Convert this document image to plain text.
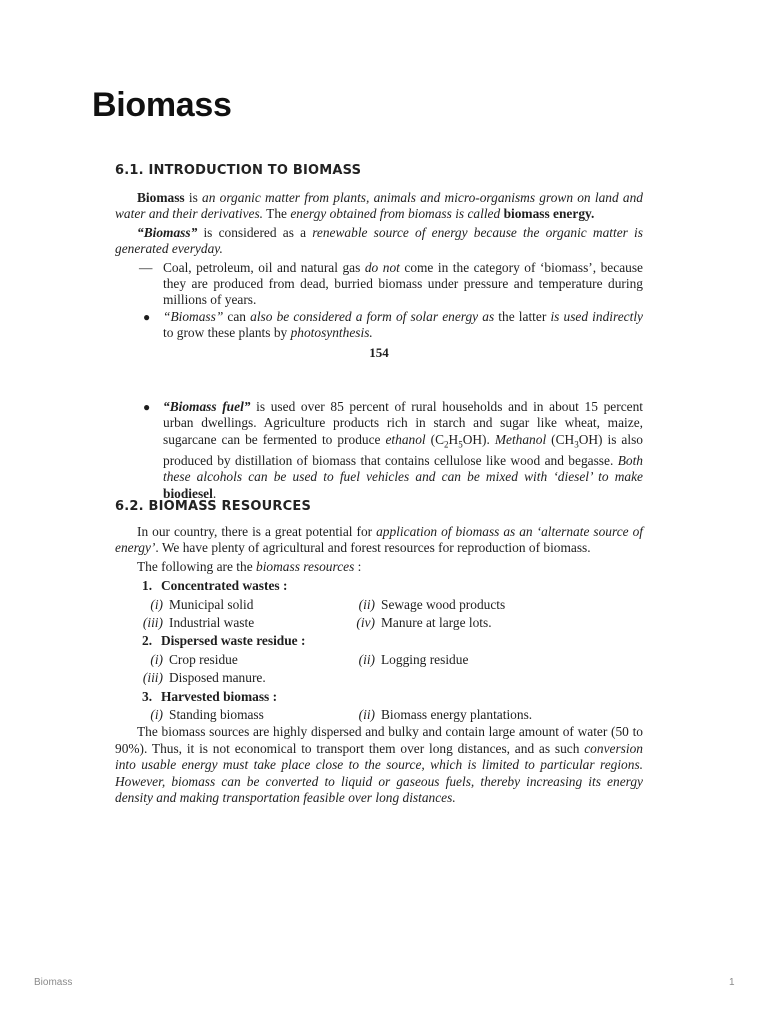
Biomass
6.1. INTRODUCTION TO BIOMASS

Biomass is an organic matter from plants, animals and micro-organisms grown on land and water and their derivatives. The energy obtained from biomass is called biomass energy.

“Biomass” is considered as a renewable source of energy because the organic matter is generated everyday.

— Coal, petroleum, oil and natural gas do not come in the category of ‘biomass’, because they are produced from dead, burried biomass under pressure and temperature during millions of years.
● “Biomass” can also be considered a form of solar energy as the latter is used indirectly to grow these plants by photosynthesis.
154
● “Biomass fuel” is used over 85 percent of rural households and in about 15 percent urban dwellings. Agriculture products rich in starch and sugar like wheat, maize, sugarcane can be fermented to produce ethanol $(C_2H_5OH)$. Methanol $(CH_3OH)$ is also produced by distillation of biomass that contains cellulose like wood and begasse. Both these alcohols can be used to fuel vehicles and can be mixed with ‘diesel’ to make biodiesel.
6.2. BIOMASS RESOURCES

In our country, there is a great potential for application of biomass as an ‘alternate source of energy’. We have plenty of agricultural and forest resources for reproduction of biomass.

The following are the biomass resources :

1. Concentrated wastes :
(i) Municipal solid	(ii) Sewage wood products
(iii) Industrial waste	(iv) Manure at large lots.
2. Dispersed waste residue :
(i) Crop residue	(ii) Logging residue
(iii) Disposed manure.
3. Harvested biomass :
(i) Standing biomass	(ii) Biomass energy plantations.

The biomass sources are highly dispersed and bulky and contain large amount of water (50 to 90%). Thus, it is not economical to transport them over long distances, and as such conversion into usable energy must take place close to the source, which is limited to particular regions. However, biomass can be converted to liquid or gaseous fuels, thereby increasing its energy density and making transportation feasible over long distances.

Biomass	1
